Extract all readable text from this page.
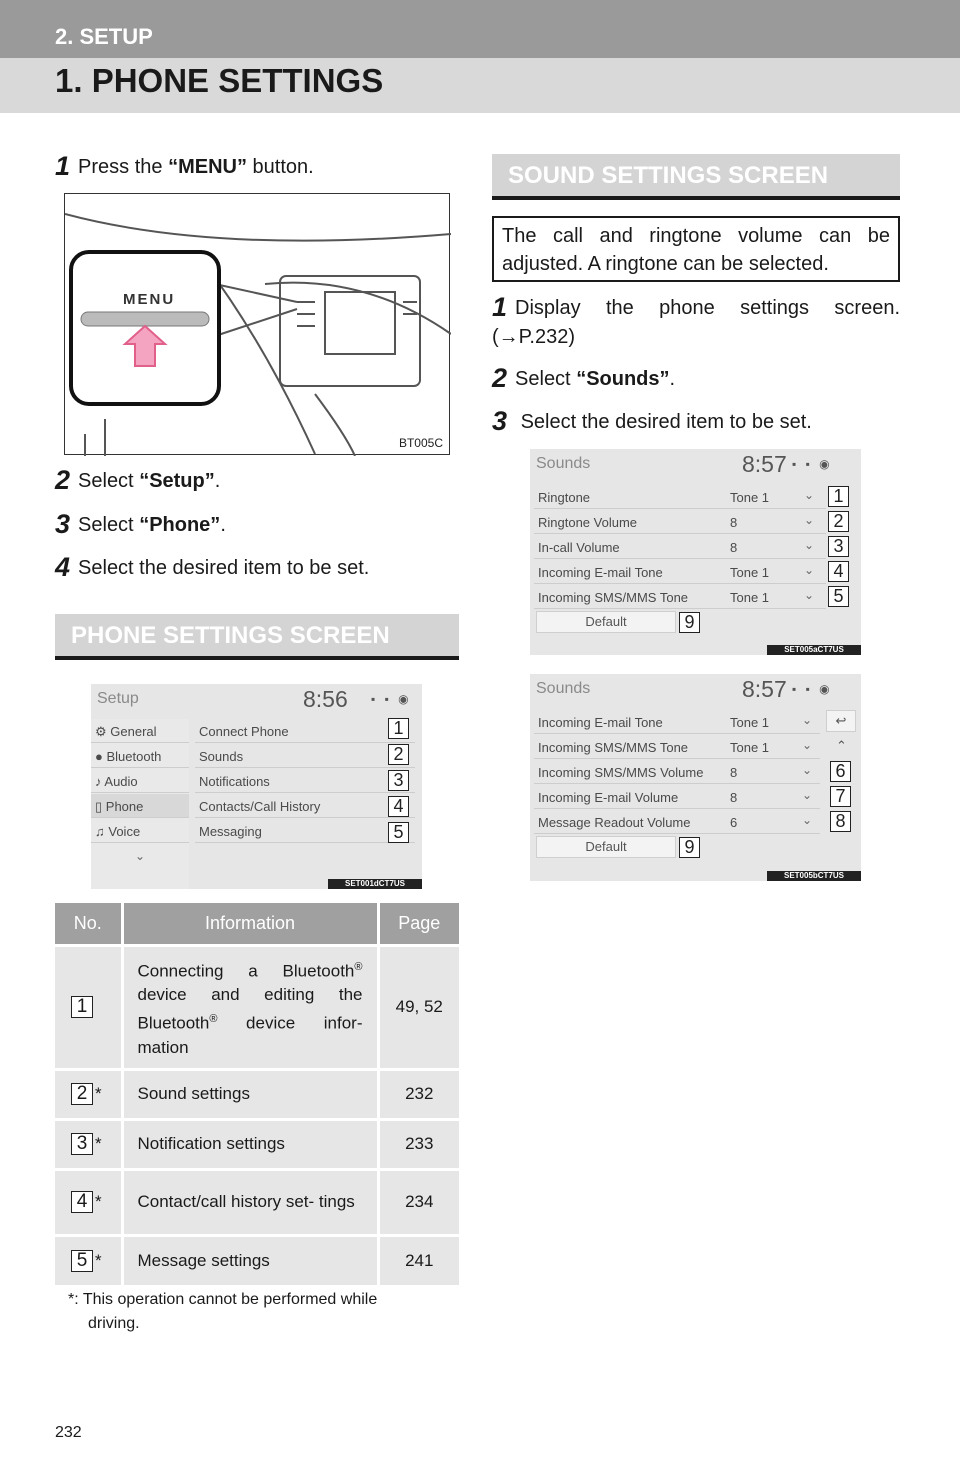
2. SETUP
1. PHONE SETTINGS
1 Press the “MENU” button.
MENU
BT005C
2 Select “Setup”.
3 Select “Phone”.
4 Select the desired item to be set.
PHONE SETTINGS SCREEN
Setup	8:56 ▪ ▪ ◉
⚙ General
● Bluetooth
♪ Audio
▯ Phone
♫ Voice
⌄
Connect Phone
Sounds
Notifications
Contacts/Call History
Messaging
1
2
3
4
5
SET001dCT7US
No.	Information	Page
1	Connecting a Bluetooth® device and editing the Bluetooth® device infor- mation	49, 52
2 *	Sound settings	232
3 *	Notification settings	233
4 *	Contact/call history set- tings	234
5 *	Message settings	241
*: This operation cannot be performed while
driving.
SOUND SETTINGS SCREEN
The call and ringtone volume can be adjusted. A ringtone can be selected.
1 Display the phone settings screen. (→P.232)
2 Select “Sounds”.
3 Select the desired item to be set.
Sounds	8:57 ▪ ▪ ◉
Ringtone	Tone 1	⌄
Ringtone Volume	8	⌄
In-call Volume	8	⌄
Incoming E-mail Tone	Tone 1	⌄
Incoming SMS/MMS Tone	Tone 1	⌄
Default
1
2
3
4
5
9
SET005aCT7US
Sounds	8:57 ▪ ▪ ◉
Incoming E-mail Tone	Tone 1	⌄
Incoming SMS/MMS Tone	Tone 1	⌄
Incoming SMS/MMS Volume 8	⌄
Incoming E-mail Volume	8	⌄
Message Readout Volume	6	⌄
↩
⌃
Default
6
7
8
9
SET005bCT7US
232
